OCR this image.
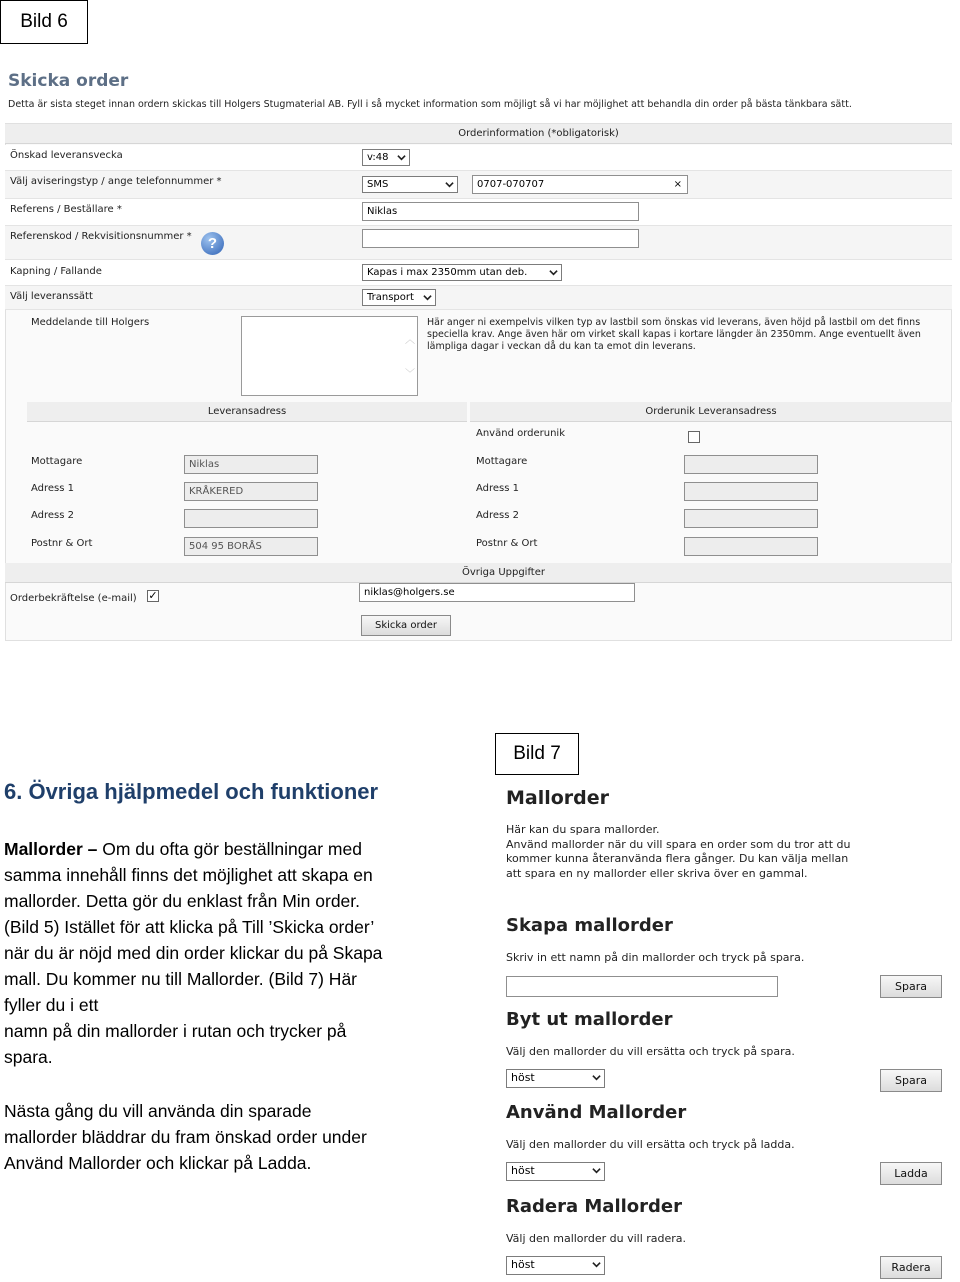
Bild 6
Skicka order
Detta är sista steget innan ordern skickas till Holgers Stugmaterial AB. Fyll i så mycket information som möjligt så vi har möjlighet att behandla din order på bästa tänkbara sätt.
Orderinformation (*obligatorisk)
Önskad leveransvecka	v:48
Välj aviseringstyp / ange telefonnummer *	SMS	0707-070707	×
Referens / Beställare *	Niklas
Referenskod / Rekvisitionsnummer *	?
Kapning / Fallande	Kapas i max 2350mm utan deb.
Välj leveranssätt	Transport
Meddelande till Holgers
︿
﹀
Här anger ni exempelvis vilken typ av lastbil som önskas vid leverans, även höjd på lastbil om det finns speciella krav. Ange även här om virket skall kapas i kortare längder än 2350mm. Ange eventuellt även lämpliga dagar i veckan då du kan ta emot din leverans.
Leveransadress	Orderunik Leveransadress
Använd orderunik
Mottagare	Niklas
Adress 1	KRÅKERED
Adress 2
Postnr & Ort	504 95 BORÅS
Mottagare
Adress 1
Adress 2
Postnr & Ort
Övriga Uppgifter
Orderbekräftelse (e-mail) ✓	niklas@holgers.se
Skicka order
Bild 7
6. Övriga hjälpmedel och funktioner
Mallorder – Om du ofta gör beställningar med
samma innehåll finns det möjlighet att skapa en
mallorder. Detta gör du enklast från Min order.
(Bild 5) Istället för att klicka på Till ’Skicka order’
när du är nöjd med din order klickar du på Skapa
mall. Du kommer nu till Mallorder. (Bild 7) Här
fyller du i ett
namn på din mallorder i rutan och trycker på
spara.
Nästa gång du vill använda din sparade
mallorder bläddrar du fram önskad order under
Använd Mallorder och klickar på Ladda.
Mallorder
Här kan du spara mallorder.
Använd mallorder när du vill spara en order som du tror att du
kommer kunna återanvända flera gånger. Du kan välja mellan
att spara en ny mallorder eller skriva över en gammal.
Skapa mallorder
Skriv in ett namn på din mallorder och tryck på spara.
Spara
Byt ut mallorder
Välj den mallorder du vill ersätta och tryck på spara.
höst	Spara
Använd Mallorder
Välj den mallorder du vill ersätta och tryck på ladda.
höst	Ladda
Radera Mallorder
Välj den mallorder du vill radera.
höst	Radera
